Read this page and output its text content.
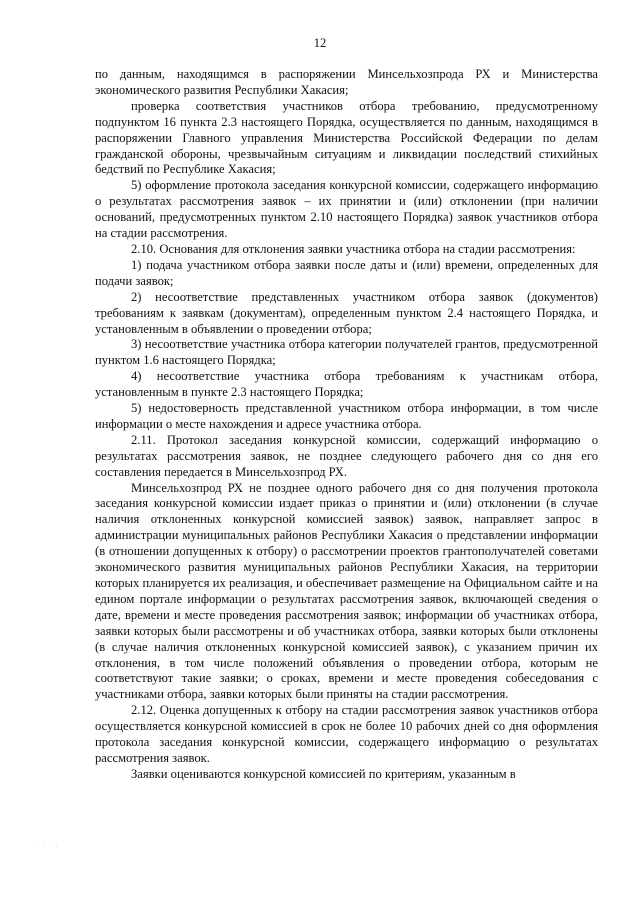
12

по данным, находящимся в распоряжении Минсельхозпрода РХ и Министерства экономического развития Республики Хакасия;

проверка соответствия участников отбора требованию, предусмотренному подпунктом 16 пункта 2.3 настоящего Порядка, осуществляется по данным, находящимся в распоряжении Главного управления Министерства Российской Федерации по делам гражданской обороны, чрезвычайным ситуациям и ликвидации последствий стихийных бедствий по Республике Хакасия;

5) оформление протокола заседания конкурсной комиссии, содержащего информацию о результатах рассмотрения заявок – их принятии и (или) отклонении (при наличии оснований, предусмотренных пунктом 2.10 настоящего Порядка) заявок участников отбора на стадии рассмотрения.

2.10. Основания для отклонения заявки участника отбора на стадии рассмотрения:

1) подача участником отбора заявки после даты и (или) времени, определенных для подачи заявок;

2) несоответствие представленных участником отбора заявок (документов) требованиям к заявкам (документам), определенным пунктом 2.4 настоящего Порядка, и установленным в объявлении о проведении отбора;

3) несоответствие участника отбора категории получателей грантов, предусмотренной пунктом 1.6 настоящего Порядка;

4) несоответствие участника отбора требованиям к участникам отбора, установленным в пункте 2.3 настоящего Порядка;

5) недостоверность представленной участником отбора информации, в том числе информации о месте нахождения и адресе участника отбора.

2.11. Протокол заседания конкурсной комиссии, содержащий информацию о результатах рассмотрения заявок, не позднее следующего рабочего дня со дня его составления передается в Минсельхозпрод РХ.

Минсельхозпрод РХ не позднее одного рабочего дня со дня получения протокола заседания конкурсной комиссии издает приказ о принятии и (или) отклонении (в случае наличия отклоненных конкурсной комиссией заявок) заявок, направляет запрос в администрации муниципальных районов Республики Хакасия о представлении информации (в отношении допущенных к отбору) о рассмотрении проектов грантополучателей советами экономического развития муниципальных районов Республики Хакасия, на территории которых планируется их реализация, и обеспечивает размещение на Официальном сайте и на едином портале информации о результатах рассмотрения заявок, включающей сведения о дате, времени и месте проведения рассмотрения заявок; информации об участниках отбора, заявки которых были рассмотрены и об участниках отбора, заявки которых были отклонены (в случае наличия отклоненных конкурсной комиссией заявок), с указанием причин их отклонения, в том числе положений объявления о проведении отбора, которым не соответствуют такие заявки; о сроках, времени и месте проведения собеседования с участниками отбора, заявки которых были приняты на стадии рассмотрения.

2.12. Оценка допущенных к отбору на стадии рассмотрения заявок участников отбора осуществляется конкурсной комиссией в срок не более 10 рабочих дней со дня оформления протокола заседания конкурсной комиссии, содержащего информацию о результатах рассмотрения заявок.

Заявки оцениваются конкурсной комиссией по критериям, указанным в

· · · ·
